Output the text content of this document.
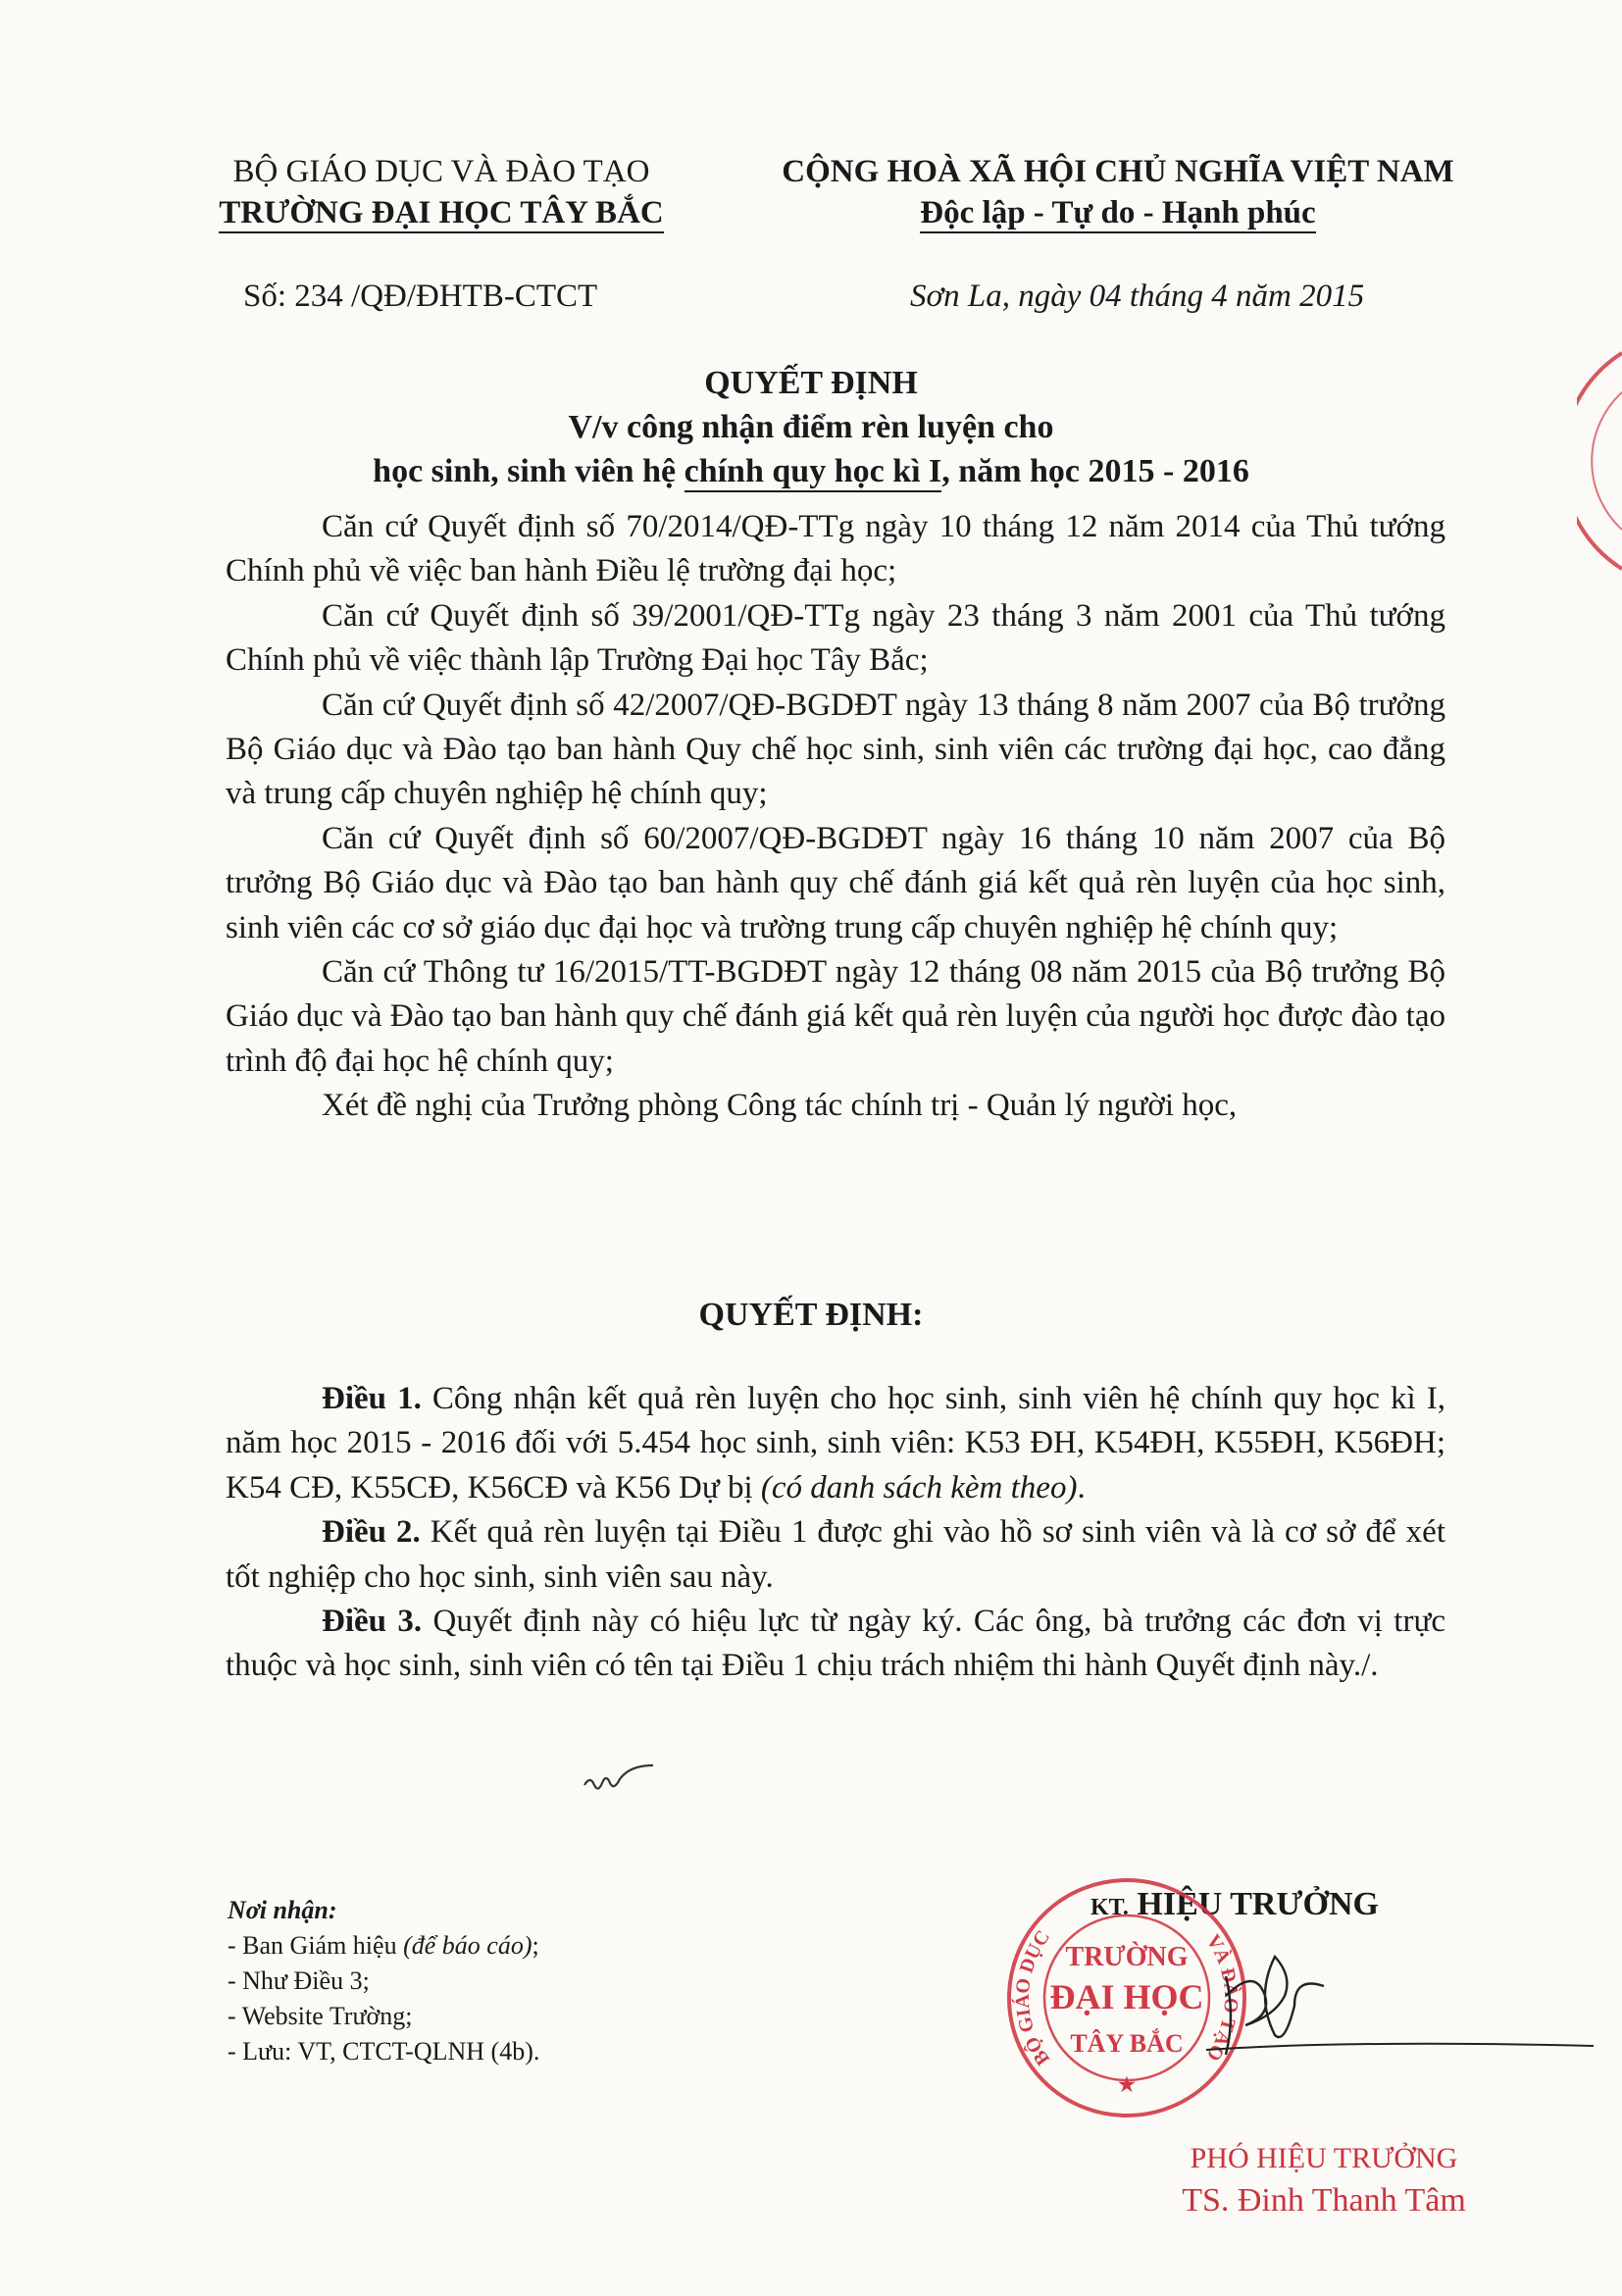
BỘ GIÁO DỤC VÀ ĐÀO TẠO
TRƯỜNG ĐẠI HỌC TÂY BẮC
Số: 234 /QĐ/ĐHTB-CTCT
CỘNG HOÀ XÃ HỘI CHỦ NGHĨA VIỆT NAM
Độc lập - Tự do - Hạnh phúc
Sơn La, ngày 04 tháng 4 năm 2015
QUYẾT ĐỊNH
V/v công nhận điểm rèn luyện cho
học sinh, sinh viên hệ chính quy học kì I, năm học 2015 - 2016

Căn cứ Quyết định số 70/2014/QĐ-TTg ngày 10 tháng 12 năm 2014 của Thủ tướng Chính phủ về việc ban hành Điều lệ trường đại học;

Căn cứ Quyết định số 39/2001/QĐ-TTg ngày 23 tháng 3 năm 2001 của Thủ tướng Chính phủ về việc thành lập Trường Đại học Tây Bắc;

Căn cứ Quyết định số 42/2007/QĐ-BGDĐT ngày 13 tháng 8 năm 2007 của Bộ trưởng Bộ Giáo dục và Đào tạo ban hành Quy chế học sinh, sinh viên các trường đại học, cao đẳng và trung cấp chuyên nghiệp hệ chính quy;

Căn cứ Quyết định số 60/2007/QĐ-BGDĐT ngày 16 tháng 10 năm 2007 của Bộ trưởng Bộ Giáo dục và Đào tạo ban hành quy chế đánh giá kết quả rèn luyện của học sinh, sinh viên các cơ sở giáo dục đại học và trường trung cấp chuyên nghiệp hệ chính quy;

Căn cứ Thông tư 16/2015/TT-BGDĐT ngày 12 tháng 08 năm 2015 của Bộ trưởng Bộ Giáo dục và Đào tạo ban hành quy chế đánh giá kết quả rèn luyện của người học được đào tạo trình độ đại học hệ chính quy;

Xét đề nghị của Trưởng phòng Công tác chính trị - Quản lý người học,

QUYẾT ĐỊNH:

Điều 1. Công nhận kết quả rèn luyện cho học sinh, sinh viên hệ chính quy học kì I, năm học 2015 - 2016 đối với 5.454 học sinh, sinh viên: K53 ĐH, K54ĐH, K55ĐH, K56ĐH; K54 CĐ, K55CĐ, K56CĐ và K56 Dự bị (có danh sách kèm theo).

Điều 2. Kết quả rèn luyện tại Điều 1 được ghi vào hồ sơ sinh viên và là cơ sở để xét tốt nghiệp cho học sinh, sinh viên sau này.

Điều 3. Quyết định này có hiệu lực từ ngày ký. Các ông, bà trưởng các đơn vị trực thuộc và học sinh, sinh viên có tên tại Điều 1 chịu trách nhiệm thi hành Quyết định này./.

Nơi nhận:
- Ban Giám hiệu (để báo cáo);
- Như Điều 3;
- Website Trường;
- Lưu: VT, CTCT-QLNH (4b).
KT. HIỆU TRƯỞNG
BỘ GIÁO DỤC	VÀ ĐÀO TẠO
TRƯỜNG
ĐẠI HỌC
TÂY BẮC
★
PHÓ HIỆU TRƯỞNG
TS. Đinh Thanh Tâm
